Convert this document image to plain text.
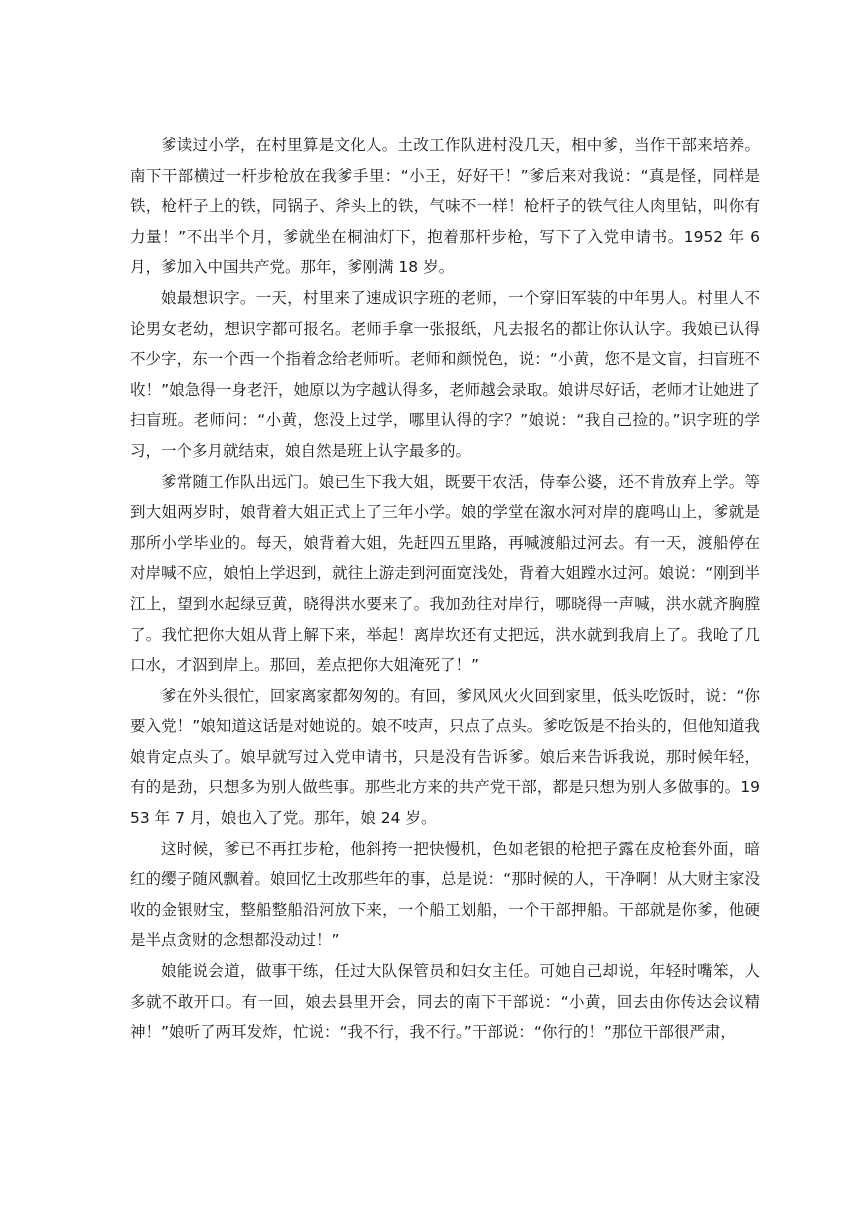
爹读过小学，在村里算是文化人。土改工作队进村没几天，相中爹，当作干部来培养。南下干部横过一杆步枪放在我爹手里：“小王，好好干！”爹后来对我说：“真是怪，同样是铁，枪杆子上的铁，同锅子、斧头上的铁，气味不一样！枪杆子的铁气往人肉里钻，叫你有力量！”不出半个月，爹就坐在桐油灯下，抱着那杆步枪，写下了入党申请书。1952 年 6 月，爹加入中国共产党。那年，爹刚满 18 岁。

娘最想识字。一天，村里来了速成识字班的老师，一个穿旧军装的中年男人。村里人不论男女老幼，想识字都可报名。老师手拿一张报纸，凡去报名的都让你认认字。我娘已认得不少字，东一个西一个指着念给老师听。老师和颜悦色，说：“小黄，您不是文盲，扫盲班不收！”娘急得一身老汗，她原以为字越认得多，老师越会录取。娘讲尽好话，老师才让她进了扫盲班。老师问：“小黄，您没上过学，哪里认得的字？”娘说：“我自己捡的。”识字班的学习，一个多月就结束，娘自然是班上认字最多的。

爹常随工作队出远门。娘已生下我大姐，既要干农活，侍奉公婆，还不肯放弃上学。等到大姐两岁时，娘背着大姐正式上了三年小学。娘的学堂在溆水河对岸的鹿鸣山上，爹就是那所小学毕业的。每天，娘背着大姐，先赶四五里路，再喊渡船过河去。有一天，渡船停在对岸喊不应，娘怕上学迟到，就往上游走到河面宽浅处，背着大姐蹚水过河。娘说：“刚到半江上，望到水起绿豆黄，晓得洪水要来了。我加劲往对岸行，哪晓得一声喊，洪水就齐胸膛了。我忙把你大姐从背上解下来，举起！离岸坎还有丈把远，洪水就到我肩上了。我呛了几口水，才泅到岸上。那回，差点把你大姐淹死了！”

爹在外头很忙，回家离家都匆匆的。有回，爹风风火火回到家里，低头吃饭时，说：“你要入党！”娘知道这话是对她说的。娘不吱声，只点了点头。爹吃饭是不抬头的，但他知道我娘肯定点头了。娘早就写过入党申请书，只是没有告诉爹。娘后来告诉我说，那时候年轻，有的是劲，只想多为别人做些事。那些北方来的共产党干部，都是只想为别人多做事的。1953 年 7 月，娘也入了党。那年，娘 24 岁。

这时候，爹已不再扛步枪，他斜挎一把快慢机，色如老银的枪把子露在皮枪套外面，暗红的缨子随风飘着。娘回忆土改那些年的事，总是说：“那时候的人，干净啊！从大财主家没收的金银财宝，整船整船沿河放下来，一个船工划船，一个干部押船。干部就是你爹，他硬是半点贪财的念想都没动过！”

娘能说会道，做事干练，任过大队保管员和妇女主任。可她自己却说，年轻时嘴笨，人多就不敢开口。有一回，娘去县里开会，同去的南下干部说：“小黄，回去由你传达会议精神！”娘听了两耳发炸，忙说：“我不行，我不行。”干部说：“你行的！”那位干部很严肃，
